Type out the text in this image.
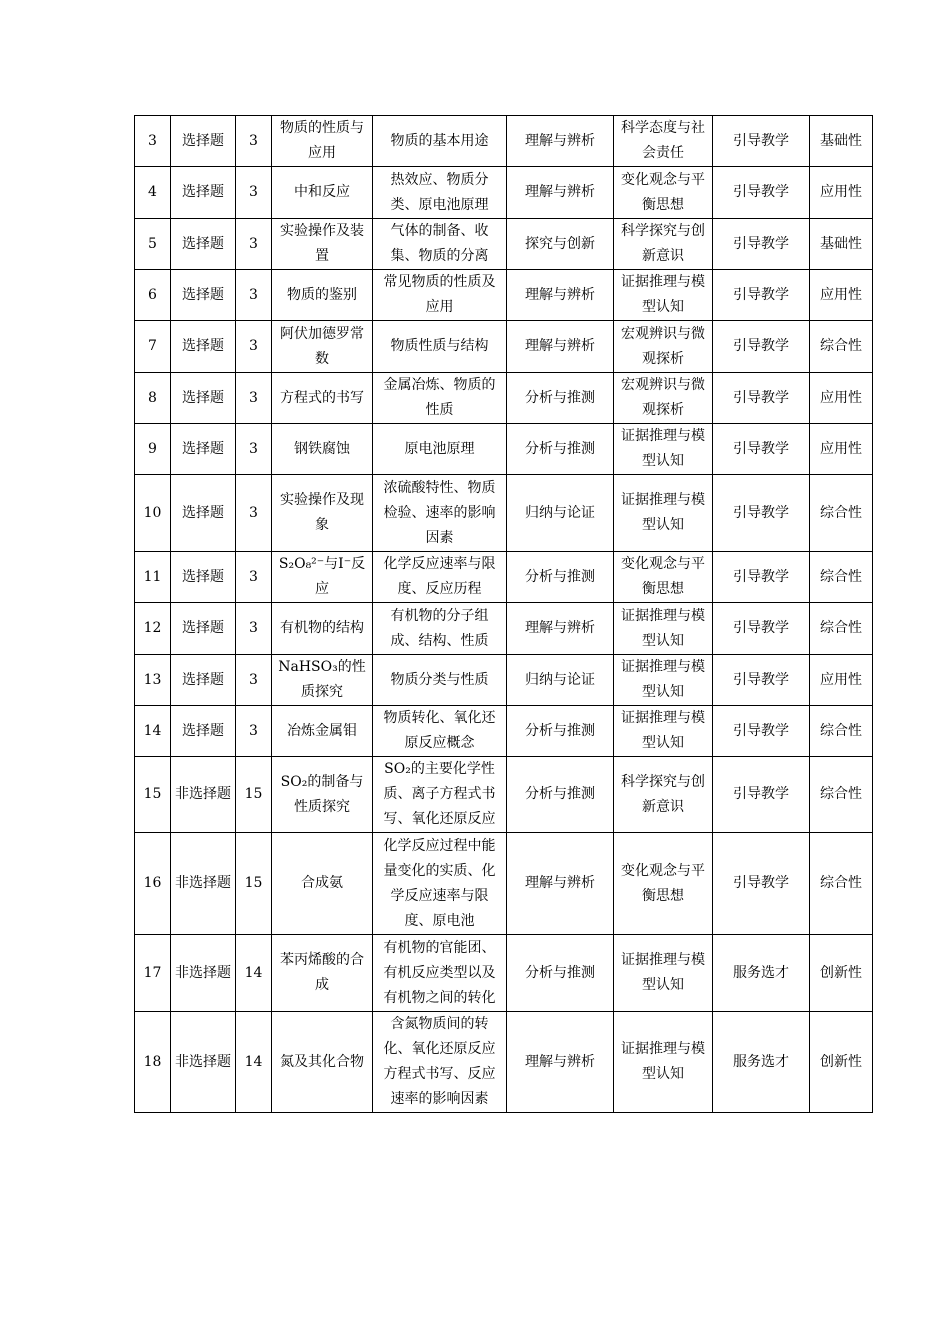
3	选择题	3	物质的性质与应用	物质的基本用途	理解与辨析	科学态度与社会责任	引导教学	基础性
4	选择题	3	中和反应	热效应、物质分类、原电池原理	理解与辨析	变化观念与平衡思想	引导教学	应用性
5	选择题	3	实验操作及装置	气体的制备、收集、物质的分离	探究与创新	科学探究与创新意识	引导教学	基础性
6	选择题	3	物质的鉴别	常见物质的性质及应用	理解与辨析	证据推理与模型认知	引导教学	应用性
7	选择题	3	阿伏加德罗常数	物质性质与结构	理解与辨析	宏观辨识与微观探析	引导教学	综合性
8	选择题	3	方程式的书写	金属冶炼、物质的性质	分析与推测	宏观辨识与微观探析	引导教学	应用性
9	选择题	3	钢铁腐蚀	原电池原理	分析与推测	证据推理与模型认知	引导教学	应用性
10	选择题	3	实验操作及现象	浓硫酸特性、物质检验、速率的影响因素	归纳与论证	证据推理与模型认知	引导教学	综合性
11	选择题	3	S₂O₈²⁻与I⁻反应	化学反应速率与限度、反应历程	分析与推测	变化观念与平衡思想	引导教学	综合性
12	选择题	3	有机物的结构	有机物的分子组成、结构、性质	理解与辨析	证据推理与模型认知	引导教学	综合性
13	选择题	3	NaHSO₃的性质探究	物质分类与性质	归纳与论证	证据推理与模型认知	引导教学	应用性
14	选择题	3	冶炼金属钼	物质转化、氧化还原反应概念	分析与推测	证据推理与模型认知	引导教学	综合性
15	非选择题	15	SO₂的制备与性质探究	SO₂的主要化学性质、离子方程式书写、氧化还原反应	分析与推测	科学探究与创新意识	引导教学	综合性
16	非选择题	15	合成氨	化学反应过程中能量变化的实质、化学反应速率与限度、原电池	理解与辨析	变化观念与平衡思想	引导教学	综合性
17	非选择题	14	苯丙烯酸的合成	有机物的官能团、有机反应类型以及有机物之间的转化	分析与推测	证据推理与模型认知	服务选才	创新性
18	非选择题	14	氮及其化合物	含氮物质间的转化、氧化还原反应方程式书写、反应速率的影响因素	理解与辨析	证据推理与模型认知	服务选才	创新性
